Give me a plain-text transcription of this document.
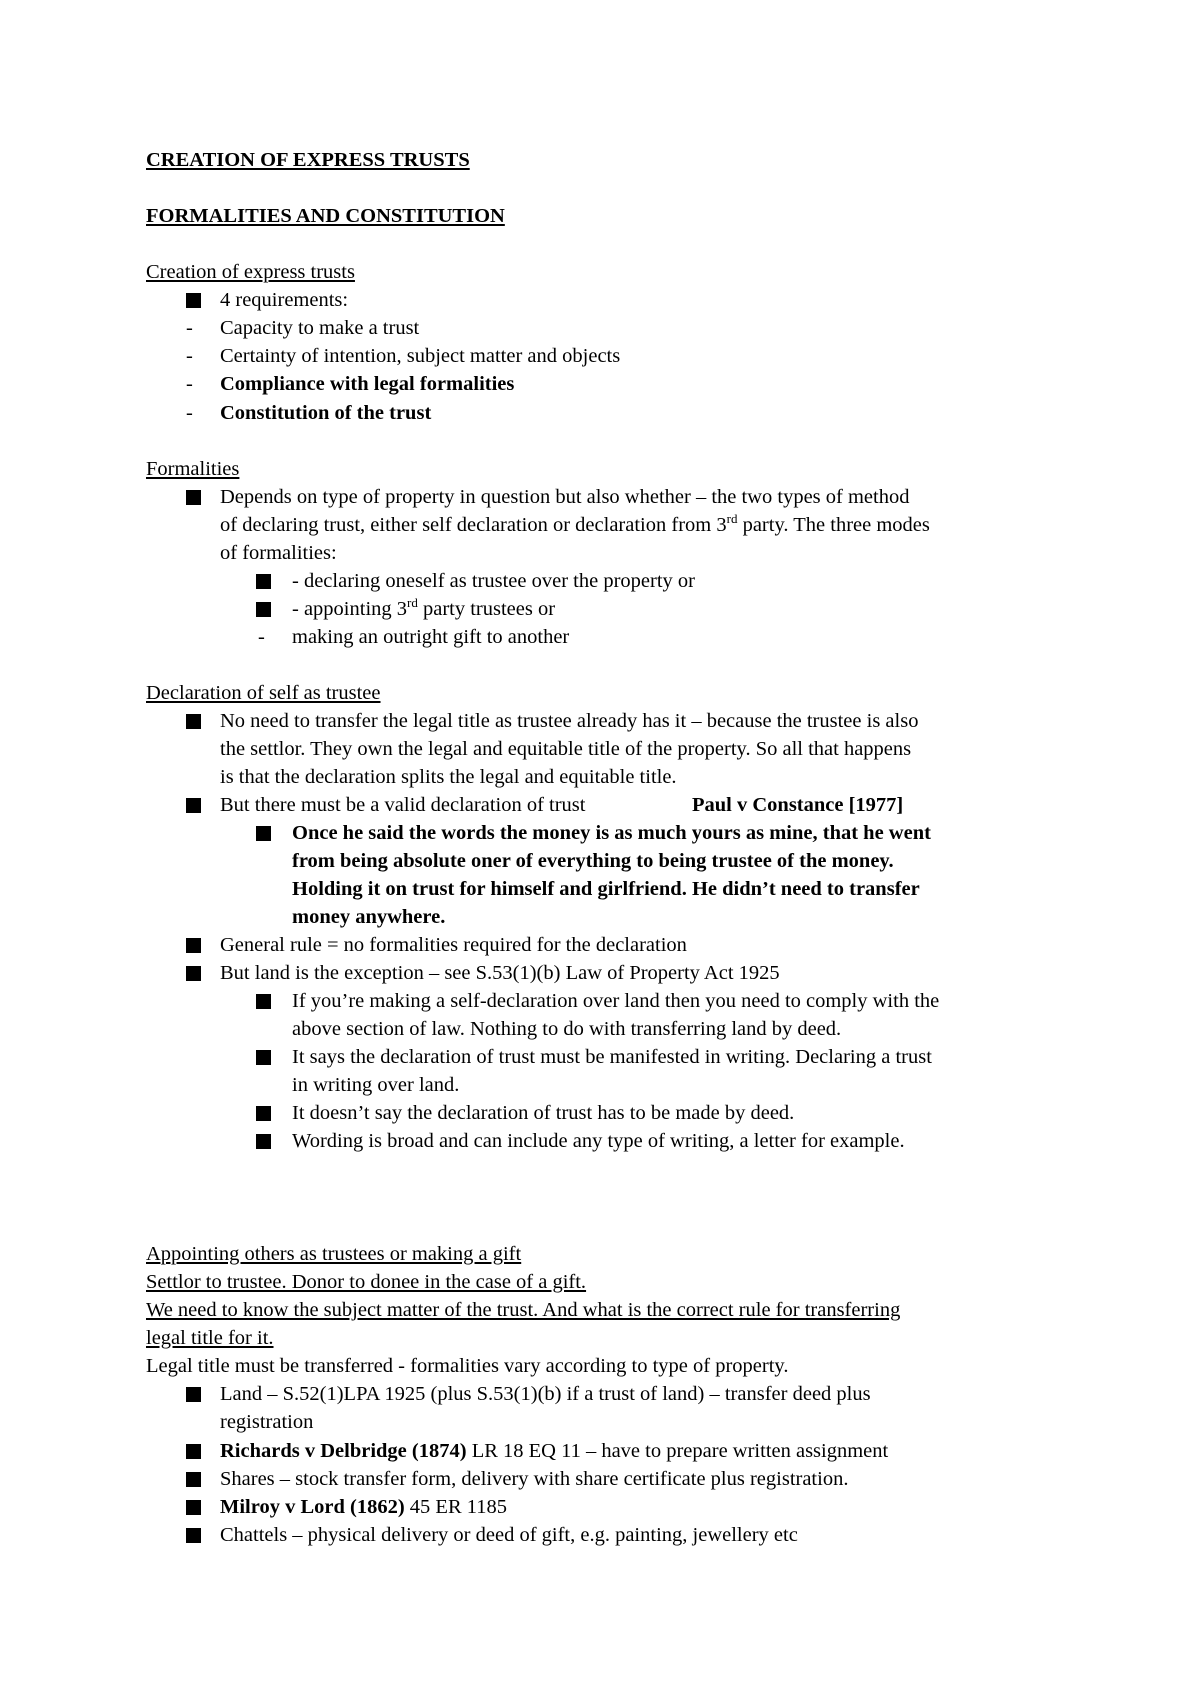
CREATION OF EXPRESS TRUSTS
FORMALITIES AND CONSTITUTION
Creation of express trusts
4 requirements:
- Capacity to make a trust
- Certainty of intention, subject matter and objects
- Compliance with legal formalities
- Constitution of the trust
Formalities
Depends on type of property in question but also whether – the two types of method
of declaring trust, either self declaration or declaration from 3rd party. The three modes
of formalities:
- declaring oneself as trustee over the property or
- appointing 3rd party trustees or
- making an outright gift to another
Declaration of self as trustee
No need to transfer the legal title as trustee already has it – because the trustee is also
the settlor. They own the legal and equitable title of the property. So all that happens
is that the declaration splits the legal and equitable title.
But there must be a valid declaration of trust	Paul v Constance [1977]
Once he said the words the money is as much yours as mine, that he went
from being absolute oner of everything to being trustee of the money.
Holding it on trust for himself and girlfriend. He didn’t need to transfer
money anywhere.
General rule = no formalities required for the declaration
But land is the exception – see S.53(1)(b) Law of Property Act 1925
If you’re making a self-declaration over land then you need to comply with the
above section of law. Nothing to do with transferring land by deed.
It says the declaration of trust must be manifested in writing. Declaring a trust
in writing over land.
It doesn’t say the declaration of trust has to be made by deed.
Wording is broad and can include any type of writing, a letter for example.
Appointing others as trustees or making a gift
Settlor to trustee. Donor to donee in the case of a gift.
We need to know the subject matter of the trust. And what is the correct rule for transferring
legal title for it.
Legal title must be transferred - formalities vary according to type of property.
Land – S.52(1)LPA 1925 (plus S.53(1)(b) if a trust of land) – transfer deed plus
registration
Richards v Delbridge (1874) LR 18 EQ 11 – have to prepare written assignment
Shares – stock transfer form, delivery with share certificate plus registration.
Milroy v Lord (1862) 45 ER 1185
Chattels – physical delivery or deed of gift, e.g. painting, jewellery etc
